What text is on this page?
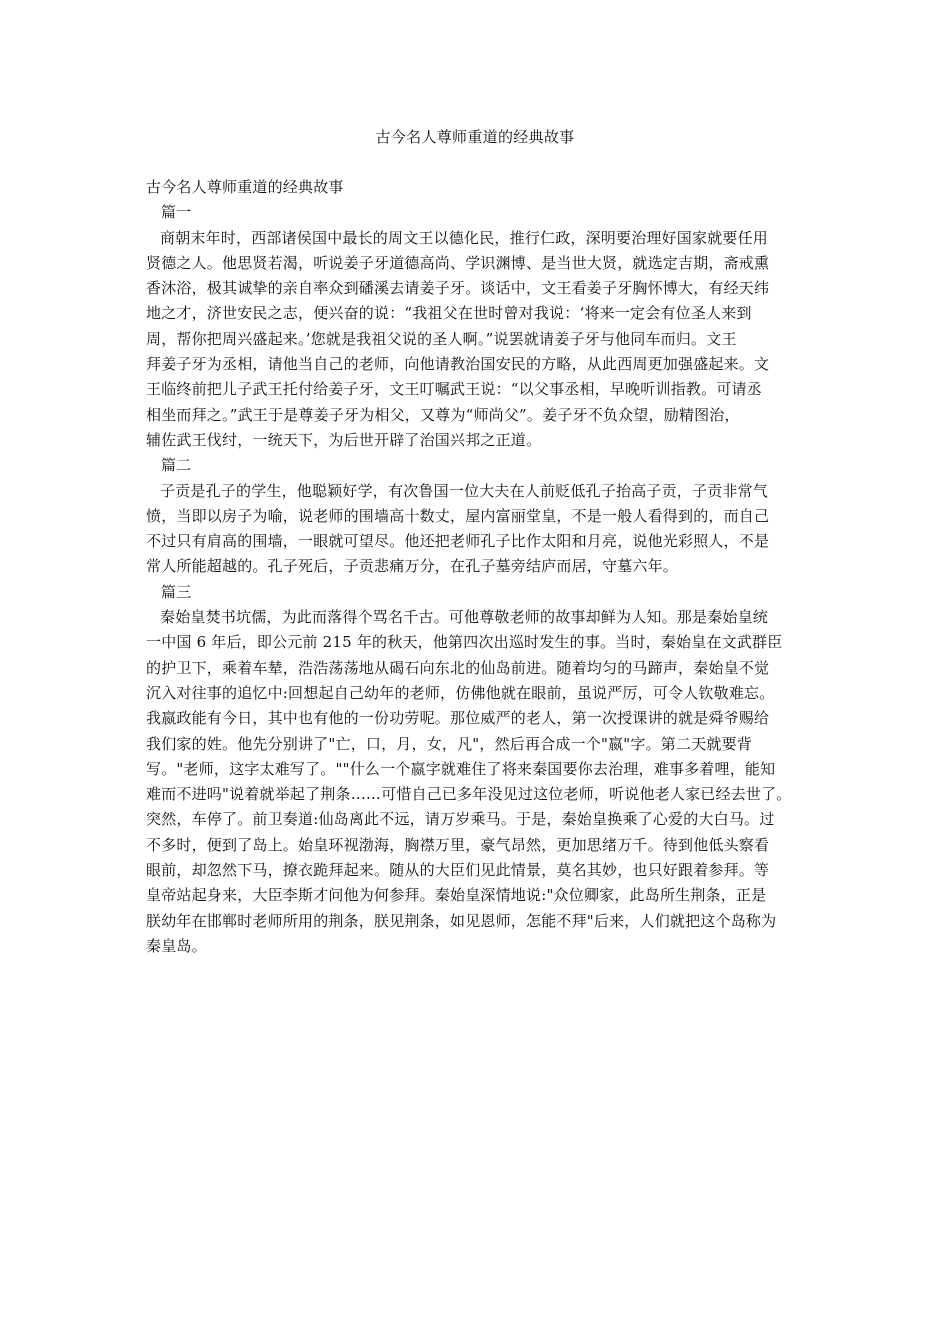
古今名人尊师重道的经典故事
古今名人尊师重道的经典故事
篇一
商朝末年时，西部诸侯国中最长的周文王以德化民，推行仁政，深明要治理好国家就要任用
贤德之人。他思贤若渴，听说姜子牙道德高尚、学识渊博、是当世大贤，就选定吉期，斋戒熏
香沐浴，极其诚挚的亲自率众到磻溪去请姜子牙。谈话中，文王看姜子牙胸怀博大，有经天纬
地之才，济世安民之志，便兴奋的说：“我祖父在世时曾对我说：‘将来一定会有位圣人来到
周，帮你把周兴盛起来。’您就是我祖父说的圣人啊。”说罢就请姜子牙与他同车而归。文王
拜姜子牙为丞相，请他当自己的老师，向他请教治国安民的方略，从此西周更加强盛起来。文
王临终前把儿子武王托付给姜子牙，文王叮嘱武王说：“以父事丞相，早晚听训指教。可请丞
相坐而拜之。”武王于是尊姜子牙为相父，又尊为“师尚父”。姜子牙不负众望，励精图治，
辅佐武王伐纣，一统天下，为后世开辟了治国兴邦之正道。
篇二
子贡是孔子的学生，他聪颖好学，有次鲁国一位大夫在人前贬低孔子抬高子贡，子贡非常气
愤，当即以房子为喻，说老师的围墙高十数丈，屋内富丽堂皇，不是一般人看得到的，而自己
不过只有肩高的围墙，一眼就可望尽。他还把老师孔子比作太阳和月亮，说他光彩照人，不是
常人所能超越的。孔子死后，子贡悲痛万分，在孔子墓旁结庐而居，守墓六年。
篇三
秦始皇焚书坑儒，为此而落得个骂名千古。可他尊敬老师的故事却鲜为人知。那是秦始皇统
一中国 6 年后，即公元前 215 年的秋天，他第四次出巡时发生的事。当时，秦始皇在文武群臣
的护卫下，乘着车辇，浩浩荡荡地从碣石向东北的仙岛前进。随着均匀的马蹄声，秦始皇不觉
沉入对往事的追忆中:回想起自己幼年的老师，仿佛他就在眼前，虽说严厉，可令人钦敬难忘。
我嬴政能有今日，其中也有他的一份功劳呢。那位威严的老人，第一次授课讲的就是舜爷赐给
我们家的姓。他先分别讲了"亡，口，月，女，凡"，然后再合成一个"嬴"字。第二天就要背
写。"老师，这字太难写了。""什么一个嬴字就难住了将来秦国要你去治理，难事多着哩，能知
难而不进吗"说着就举起了荆条……可惜自己已多年没见过这位老师，听说他老人家已经去世了。
突然，车停了。前卫奏道:仙岛离此不远，请万岁乘马。于是，秦始皇换乘了心爱的大白马。过
不多时，便到了岛上。始皇环视渤海，胸襟万里，豪气昂然，更加思绪万千。待到他低头察看
眼前，却忽然下马，撩衣跪拜起来。随从的大臣们见此情景，莫名其妙，也只好跟着参拜。等
皇帝站起身来，大臣李斯才问他为何参拜。秦始皇深情地说:"众位卿家，此岛所生荆条，正是
朕幼年在邯郸时老师所用的荆条，朕见荆条，如见恩师，怎能不拜"后来，人们就把这个岛称为
秦皇岛。
